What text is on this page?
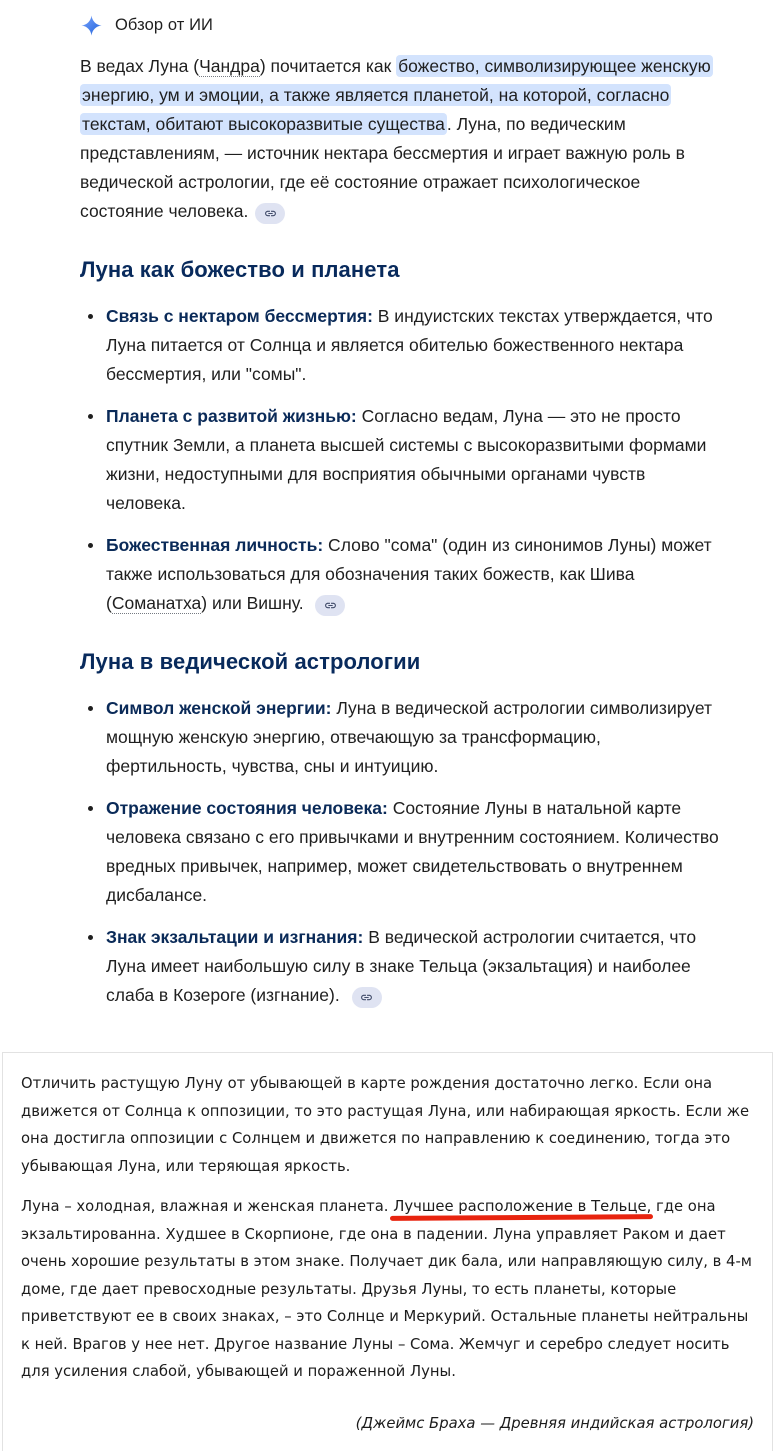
Обзор от ИИ

В ведах Луна (Чандра) почитается как божество, символизирующее женскую энергию, ум и эмоции, а также является планетой, на которой, согласно текстам, обитают высокоразвитые существа . Луна, по ведическим представлениям, — источник нектара бессмертия и играет важную роль в ведической астрологии, где её состояние отражает психологическое состояние человека.

Луна как божество и планета
Связь с нектаром бессмертия: В индуистских текстах утверждается, что Луна питается от Солнца и является обителью божественного нектара бессмертия, или "сомы".
Планета с развитой жизнью: Согласно ведам, Луна — это не просто спутник Земли, а планета высшей системы с высокоразвитыми формами жизни, недоступными для восприятия обычными органами чувств человека.
Божественная личность: Слово "сома" (один из синонимов Луны) может также использоваться для обозначения таких божеств, как Шива (Соманатха) или Вишну.
Луна в ведической астрологии
Символ женской энергии: Луна в ведической астрологии символизирует мощную женскую энергию, отвечающую за трансформацию, фертильность, чувства, сны и интуицию.
Отражение состояния человека: Состояние Луны в натальной карте человека связано с его привычками и внутренним состоянием. Количество вредных привычек, например, может свидетельствовать о внутреннем дисбалансе.
Знак экзальтации и изгнания: В ведической астрологии считается, что Луна имеет наибольшую силу в знаке Тельца (экзальтация) и наиболее слаба в Козероге (изгнание).

Отличить растущую Луну от убывающей в карте рождения достаточно легко. Если она движется от Солнца к оппозиции, то это растущая Луна, или набирающая яркость. Если же она достигла оппозиции с Солнцем и движется по направлению к соединению, тогда это убывающая Луна, или теряющая яркость.

Луна – холодная, влажная и женская планета. Лучшее расположение в Тельце, где она экзальтированна. Худшее в Скорпионе, где она в падении. Луна управляет Раком и дает очень хорошие результаты в этом знаке. Получает дик бала, или направляющую силу, в 4-м доме, где дает превосходные результаты. Друзья Луны, то есть планеты, которые приветствуют ее в своих знаках, – это Солнце и Меркурий. Остальные планеты нейтральны к ней. Врагов у нее нет. Другое название Луны – Сома. Жемчуг и серебро следует носить для усиления слабой, убывающей и пораженной Луны.

(Джеймс Браха — Древняя индийская астрология)
